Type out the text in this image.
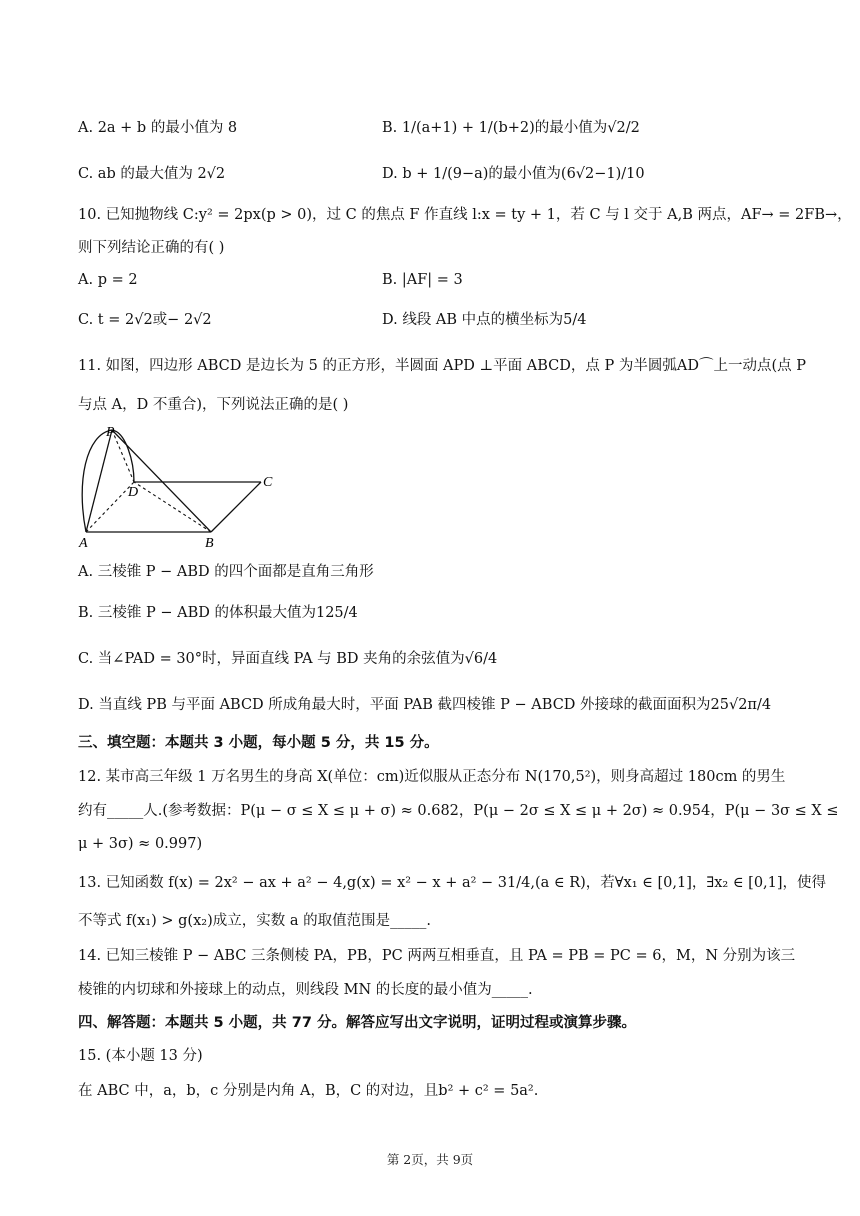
A. 2a + b 的最小值为 8	B. 1/(a+1) + 1/(b+2)的最小值为√2/2
C. ab 的最大值为 2√2	D. b + 1/(9−a)的最小值为(6√2−1)/10
10. 已知抛物线 C:y² = 2px(p > 0)，过 C 的焦点 F 作直线 l:x = ty + 1，若 C 与 l 交于 A,B 两点，AF→ = 2FB→，
则下列结论正确的有( )
A. p = 2	B. |AF| = 3
C. t = 2√2或− 2√2	D. 线段 AB 中点的横坐标为5/4
11. 如图，四边形 ABCD 是边长为 5 的正方形，半圆面 APD ⊥平面 ABCD，点 P 为半圆弧AD⌒上一动点(点 P
与点 A，D 不重合)，下列说法正确的是( )
P
D
C
A	B
A. 三棱锥 P − ABD 的四个面都是直角三角形
B. 三棱锥 P − ABD 的体积最大值为125/4
C. 当∠PAD = 30°时，异面直线 PA 与 BD 夹角的余弦值为√6/4
D. 当直线 PB 与平面 ABCD 所成角最大时，平面 PAB 截四棱锥 P − ABCD 外接球的截面面积为25√2π/4
三、填空题：本题共 3 小题，每小题 5 分，共 15 分。
12. 某市高三年级 1 万名男生的身高 X(单位：cm)近似服从正态分布 N(170,5²)，则身高超过 180cm 的男生
约有_____人.(参考数据：P(μ − σ ≤ X ≤ μ + σ) ≈ 0.682，P(μ − 2σ ≤ X ≤ μ + 2σ) ≈ 0.954，P(μ − 3σ ≤ X ≤
μ + 3σ) ≈ 0.997)
13. 已知函数 f(x) = 2x² − ax + a² − 4,g(x) = x² − x + a² − 31/4,(a ∈ R)，若∀x₁ ∈ [0,1]，∃x₂ ∈ [0,1]，使得
不等式 f(x₁) > g(x₂)成立，实数 a 的取值范围是_____.
14. 已知三棱锥 P − ABC 三条侧棱 PA，PB，PC 两两互相垂直，且 PA = PB = PC = 6，M，N 分别为该三
棱锥的内切球和外接球上的动点，则线段 MN 的长度的最小值为_____.
四、解答题：本题共 5 小题，共 77 分。解答应写出文字说明，证明过程或演算步骤。
15. (本小题 13 分)
在 ABC 中，a，b，c 分别是内角 A，B，C 的对边，且b² + c² = 5a².
第 2页，共 9页
